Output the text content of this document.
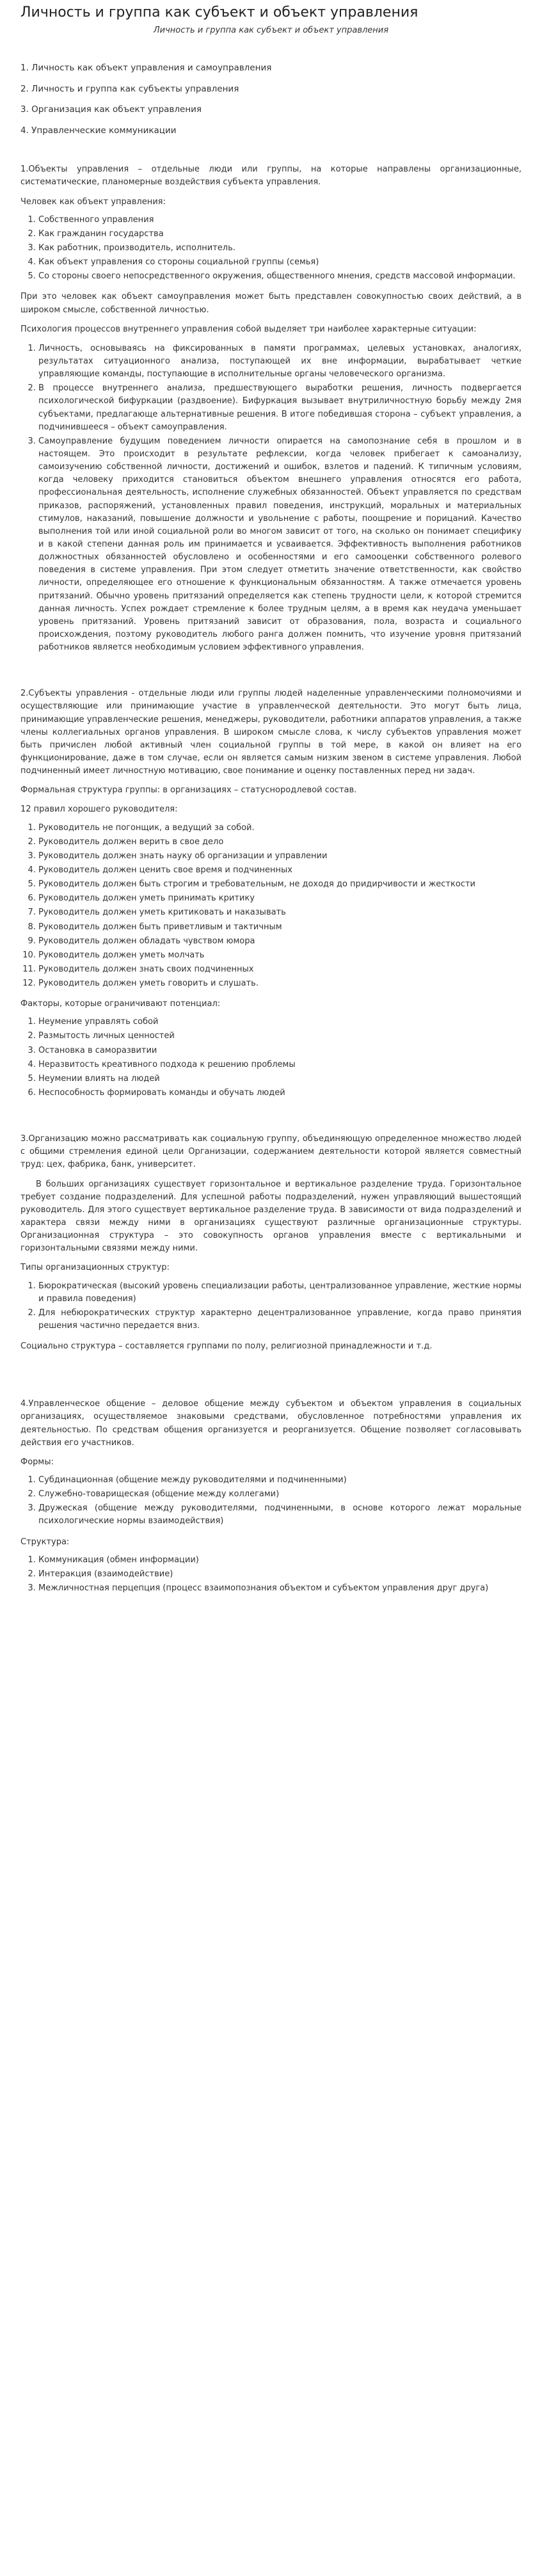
Личность и группа как субъект и объект управления
Личность и группа как субъект и объект управления

1. Личность как объект управления и самоуправления

2. Личность и группа как субъекты управления

3. Организация как объект управления

4. Управленческие коммуникации

1.Объекты управления – отдельные люди или группы, на которые направлены организационные, систематические, планомерные воздействия субъекта управления.

Человек как объект управления:

1. Собственного управления
2. Как гражданин государства
3. Как работник, производитель, исполнитель.
4. Как объект управления со стороны социальной группы (семья)
5. Со стороны своего непосредственного окружения, общественного мнения, средств массовой информации.

При это человек как объект самоуправления может быть представлен совокупностью своих действий, а в широком смысле, собственной личностью.

Психология процессов внутреннего управления собой выделяет три наиболее характерные ситуации:

1. Личность, основываясь на фиксированных в памяти программах, целевых установках, аналогиях, результатах ситуационного анализа, поступающей их вне информации, вырабатывает четкие управляющие команды, поступающие в исполнительные органы человеческого организма.
2. В процессе внутреннего анализа, предшествующего выработки решения, личность подвергается психологической бифуркации (раздвоение). Бифуркация вызывает внутриличностную борьбу между 2мя субъектами, предлагающе альтернативные решения. В итоге победившая сторона – субъект управления, а подчинившееся – объект самоуправления.
3. Самоуправление будущим поведением личности опирается на самопознание себя в прошлом и в настоящем. Это происходит в результате рефлексии, когда человек прибегает к самоанализу, самоизучению собственной личности, достижений и ошибок, взлетов и падений. К типичным условиям, когда человеку приходится становиться объектом внешнего управления относятся его работа, профессиональная деятельность, исполнение служебных обязанностей. Объект управляется по средствам приказов, распоряжений, установленных правил поведения, инструкций, моральных и материальных стимулов, наказаний, повышение должности и увольнение с работы, поощрение и порицаний. Качество выполнения той или иной социальной роли во многом зависит от того, на сколько он понимает специфику и в какой степени данная роль им принимается и усваивается. Эффективность выполнения работников должностных обязанностей обусловлено и особенностями и его самооценки собственного ролевого поведения в системе управления. При этом следует отметить значение ответственности, как свойство личности, определяющее его отношение к функциональным обязанностям. А также отмечается уровень притязаний. Обычно уровень притязаний определяется как степень трудности цели, к которой стремится данная личность. Успех рождает стремление к более трудным целям, а в время как неудача уменьшает уровень притязаний. Уровень притязаний зависит от образования, пола, возраста и социального происхождения, поэтому руководитель любого ранга должен помнить, что изучение уровня притязаний работников является необходимым условием эффективного управления.

2.Субъекты управления - отдельные люди или группы людей наделенные управленческими полномочиями и осуществляющие или принимающие участие в управленческой деятельности. Это могут быть лица, принимающие управленческие решения, менеджеры, руководители, работники аппаратов управления, а также члены коллегиальных органов управления. В широком смысле слова, к числу субъектов управления может быть причислен любой активный член социальной группы в той мере, в какой он влияет на его функционирование, даже в том случае, если он является самым низким звеном в системе управления. Любой подчиненный имеет личностную мотивацию, свое понимание и оценку поставленных перед ни задач.

Формальная структура группы: в организациях – статуснородлевой состав.

12 правил хорошего руководителя:

1. Руководитель не погонщик, а ведущий за собой.
2. Руководитель должен верить в свое дело
3. Руководитель должен знать науку об организации и управлении
4. Руководитель должен ценить свое время и подчиненных
5. Руководитель должен быть строгим и требовательным, не доходя до придирчивости и жесткости
6. Руководитель должен уметь принимать критику
7. Руководитель должен уметь критиковать и наказывать
8. Руководитель должен быть приветливым и тактичным
9. Руководитель должен обладать чувством юмора
10. Руководитель должен уметь молчать
11. Руководитель должен знать своих подчиненных
12. Руководитель должен уметь говорить и слушать.

Факторы, которые ограничивают потенциал:

1. Неумение управлять собой
2. Размытость личных ценностей
3. Остановка в саморазвитии
4. Неразвитость креативного подхода к решению проблемы
5. Неумении влиять на людей
6. Неспособность формировать команды и обучать людей

3.Организацию можно рассматривать как социальную группу, объединяющую определенное множество людей с общими стремления единой цели Организации, содержанием деятельности которой является совместный труд: цех, фабрика, банк, университет.

В больших организациях существует горизонтальное и вертикальное разделение труда. Горизонтальное требует создание подразделений. Для успешной работы подразделений, нужен управляющий вышестоящий руководитель. Для этого существует вертикальное разделение труда. В зависимости от вида подразделений и характера связи между ними в организациях существуют различные организационные структуры. Организационная структура – это совокупность органов управления вместе с вертикальными и горизонтальными связями между ними.

Типы организационных структур:

1. Бюрократическая (высокий уровень специализации работы, централизованное управление, жесткие нормы и правила поведения)
2. Для небюрократических структур характерно децентрализованное управление, когда право принятия решения частично передается вниз.

Социально структура – составляется группами по полу, религиозной принадлежности и т.д.

4.Управленческое общение – деловое общение между субъектом и объектом управления в социальных организациях, осуществляемое знаковыми средствами, обусловленное потребностями управления их деятельностью. По средствам общения организуется и реорганизуется. Общение позволяет согласовывать действия его участников.

Формы:

1. Субдинационная (общение между руководителями и подчиненными)
2. Служебно-товарищеская (общение между коллегами)
3. Дружеская (общение между руководителями, подчиненными, в основе которого лежат моральные психологические нормы взаимодействия)

Структура:

1. Коммуникация (обмен информации)
2. Интеракция (взаимодействие)
3. Межличностная перцепция (процесс взаимопознания объектом и субъектом управления друг друга)
